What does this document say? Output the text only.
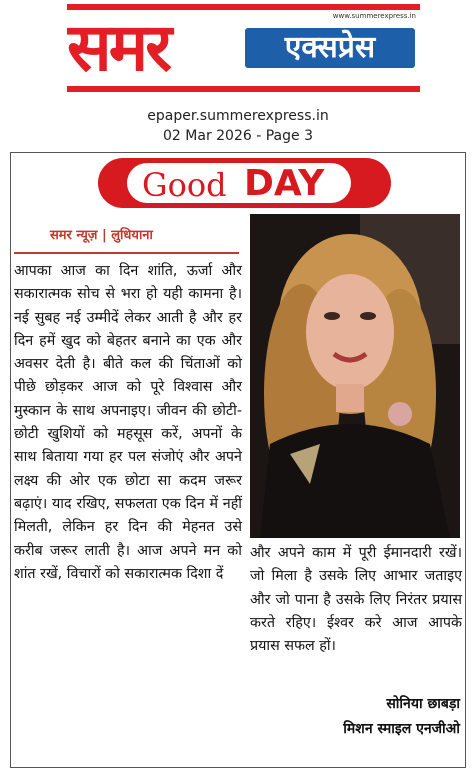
www.summerexpress.in
समर	एक्सप्रेस
epaper.summerexpress.in
02 Mar 2026 - Page 3
Good DAY
समर न्यूज़ | लुधियाना
आपका आज का दिन शांति, ऊर्जा और सकारात्मक सोच से भरा हो यही कामना है। नई सुबह नई उम्मीदें लेकर आती है और हर दिन हमें खुद को बेहतर बनाने का एक और अवसर देती है। बीते कल की चिंताओं को पीछे छोड़कर आज को पूरे विश्वास और मुस्कान के साथ अपनाइए। जीवन की छोटी-छोटी खुशियों को महसूस करें, अपनों के साथ बिताया गया हर पल संजोएं और अपने लक्ष्य की ओर एक छोटा सा कदम जरूर बढ़ाएं। याद रखिए, सफलता एक दिन में नहीं मिलती, लेकिन हर दिन की मेहनत उसे करीब जरूर लाती है। आज अपने मन को शांत रखें, विचारों को सकारात्मक दिशा दें
और अपने काम में पूरी ईमानदारी रखें। जो मिला है उसके लिए आभार जताइए और जो पाना है उसके लिए निरंतर प्रयास करते रहिए। ईश्वर करे आज आपके प्रयास सफल हों।
सोनिया छाबड़ा
मिशन स्माइल एनजीओ
